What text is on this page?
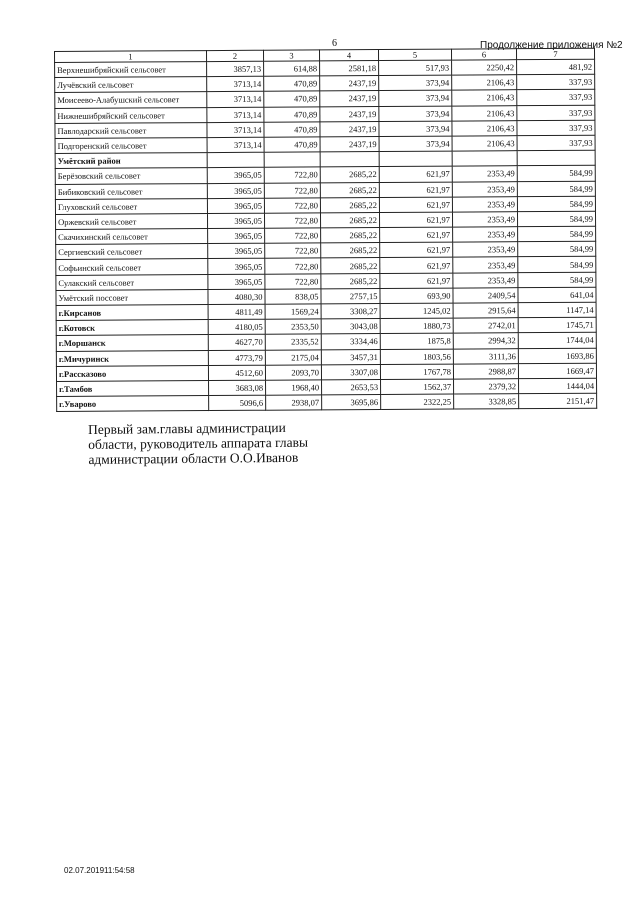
6	Продолжение приложения №2
1	2	3	4	5	6	7
Верхнешибряйский сельсовет	3857,13	614,88	2581,18	517,93	2250,42	481,92
Лучёвский сельсовет	3713,14	470,89	2437,19	373,94	2106,43	337,93
Моисеево-Алабушский сельсовет	3713,14	470,89	2437,19	373,94	2106,43	337,93
Нижнешибряйский сельсовет	3713,14	470,89	2437,19	373,94	2106,43	337,93
Павлодарский сельсовет	3713,14	470,89	2437,19	373,94	2106,43	337,93
Подгоренский сельсовет	3713,14	470,89	2437,19	373,94	2106,43	337,93
Умётский район						
Берёзовский сельсовет	3965,05	722,80	2685,22	621,97	2353,49	584,99
Бибиковский сельсовет	3965,05	722,80	2685,22	621,97	2353,49	584,99
Глуховский сельсовет	3965,05	722,80	2685,22	621,97	2353,49	584,99
Оржевский сельсовет	3965,05	722,80	2685,22	621,97	2353,49	584,99
Скачихинский сельсовет	3965,05	722,80	2685,22	621,97	2353,49	584,99
Сергиевский сельсовет	3965,05	722,80	2685,22	621,97	2353,49	584,99
Софьинский сельсовет	3965,05	722,80	2685,22	621,97	2353,49	584,99
Сулакский сельсовет	3965,05	722,80	2685,22	621,97	2353,49	584,99
Умётский поссовет	4080,30	838,05	2757,15	693,90	2409,54	641,04
г.Кирсанов	4811,49	1569,24	3308,27	1245,02	2915,64	1147,14
г.Котовск	4180,05	2353,50	3043,08	1880,73	2742,01	1745,71
г.Моршанск	4627,70	2335,52	3334,46	1875,8	2994,32	1744,04
г.Мичуринск	4773,79	2175,04	3457,31	1803,56	3111,36	1693,86
г.Рассказово	4512,60	2093,70	3307,08	1767,78	2988,87	1669,47
г.Тамбов	3683,08	1968,40	2653,53	1562,37	2379,32	1444,04
г.Уварово	5096,6	2938,07	3695,86	2322,25	3328,85	2151,47
Первый зам.главы администрации
области, руководитель аппарата главы
администрации области О.О.Иванов
02.07.201911:54:58
